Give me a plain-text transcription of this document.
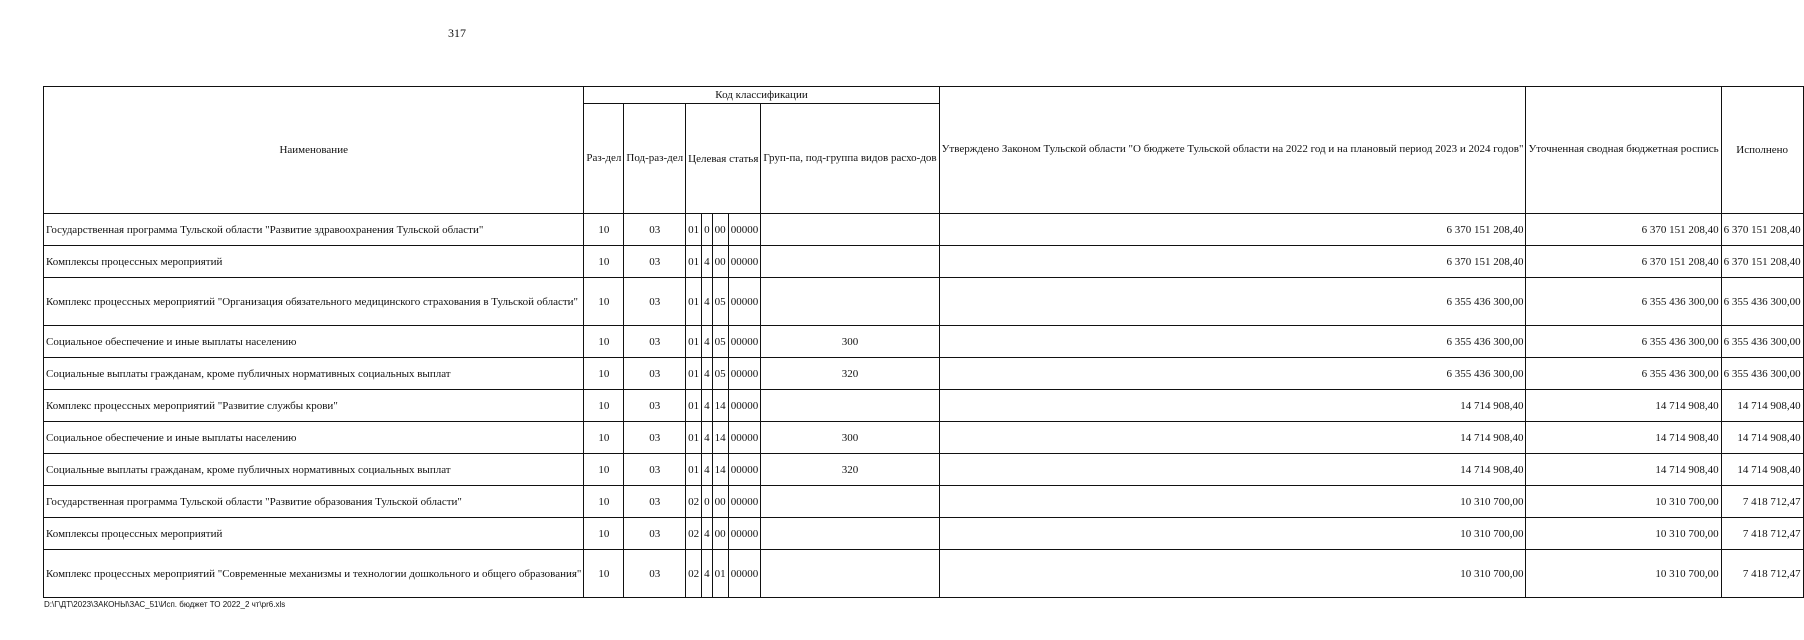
317
Наименование	Код классификации							Утверждено Законом Тульской области "О бюджете Тульской области на 2022 год и на плановый период 2023 и 2024 годов"	Уточненная сводная бюджетная роспись	Исполнено
	Раз-дел	Под-раз-дел	Целевая статья				Груп-па, под-группа видов расхо-дов			
Государственная программа Тульской области "Развитие здравоохранения Тульской области"	10	03	01	0	00	00000		6 370 151 208,40	6 370 151 208,40	6 370 151 208,40
Комплексы процессных мероприятий	10	03	01	4	00	00000		6 370 151 208,40	6 370 151 208,40	6 370 151 208,40
Комплекс процессных мероприятий "Организация обязательного медицинского страхования в Тульской области"	10	03	01	4	05	00000		6 355 436 300,00	6 355 436 300,00	6 355 436 300,00
Социальное обеспечение и иные выплаты населению	10	03	01	4	05	00000	300	6 355 436 300,00	6 355 436 300,00	6 355 436 300,00
Социальные выплаты гражданам, кроме публичных нормативных социальных выплат	10	03	01	4	05	00000	320	6 355 436 300,00	6 355 436 300,00	6 355 436 300,00
Комплекс процессных мероприятий "Развитие службы крови"	10	03	01	4	14	00000		14 714 908,40	14 714 908,40	14 714 908,40
Социальное обеспечение и иные выплаты населению	10	03	01	4	14	00000	300	14 714 908,40	14 714 908,40	14 714 908,40
Социальные выплаты гражданам, кроме публичных нормативных социальных выплат	10	03	01	4	14	00000	320	14 714 908,40	14 714 908,40	14 714 908,40
Государственная программа Тульской области "Развитие образования Тульской области"	10	03	02	0	00	00000		10 310 700,00	10 310 700,00	7 418 712,47
Комплексы процессных мероприятий	10	03	02	4	00	00000		10 310 700,00	10 310 700,00	7 418 712,47
Комплекс процессных мероприятий "Современные механизмы и технологии дошкольного и общего образования"	10	03	02	4	01	00000		10 310 700,00	10 310 700,00	7 418 712,47
D:\Г\ДТ\2023\ЗАКОНЫ\ЗАС_51\Исп. бюджет ТО 2022_2 чт\рr6.xls
